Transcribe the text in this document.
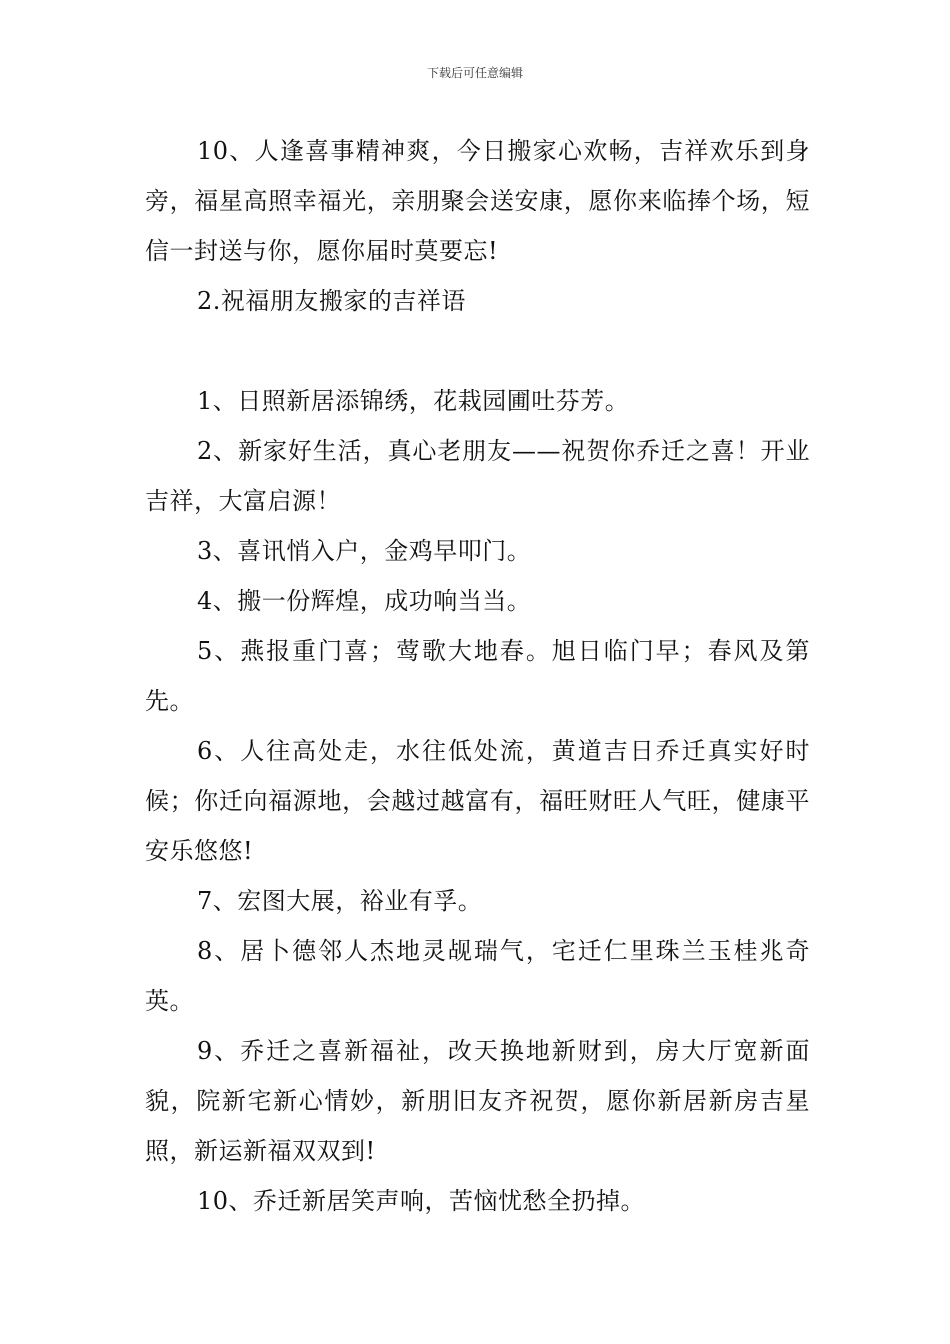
下载后可任意编辑

10、人逢喜事精神爽，今日搬家心欢畅，吉祥欢乐到身旁，福星高照幸福光，亲朋聚会送安康，愿你来临捧个场，短信一封送与你，愿你届时莫要忘!

2.祝福朋友搬家的吉祥语

1、日照新居添锦绣，花栽园圃吐芬芳。

2、新家好生活，真心老朋友——祝贺你乔迁之喜！开业吉祥，大富启源！

3、喜讯悄入户，金鸡早叩门。

4、搬一份辉煌，成功响当当。

5、燕报重门喜；莺歌大地春。旭日临门早；春风及第先。

6、人往高处走，水往低处流，黄道吉日乔迁真实好时候；你迁向福源地，会越过越富有，福旺财旺人气旺，健康平安乐悠悠!

7、宏图大展，裕业有孚。

8、居卜德邻人杰地灵觇瑞气，宅迁仁里珠兰玉桂兆奇英。

9、乔迁之喜新福祉，改天换地新财到，房大厅宽新面貌，院新宅新心情妙，新朋旧友齐祝贺，愿你新居新房吉星照，新运新福双双到!

10、乔迁新居笑声响，苦恼忧愁全扔掉。
